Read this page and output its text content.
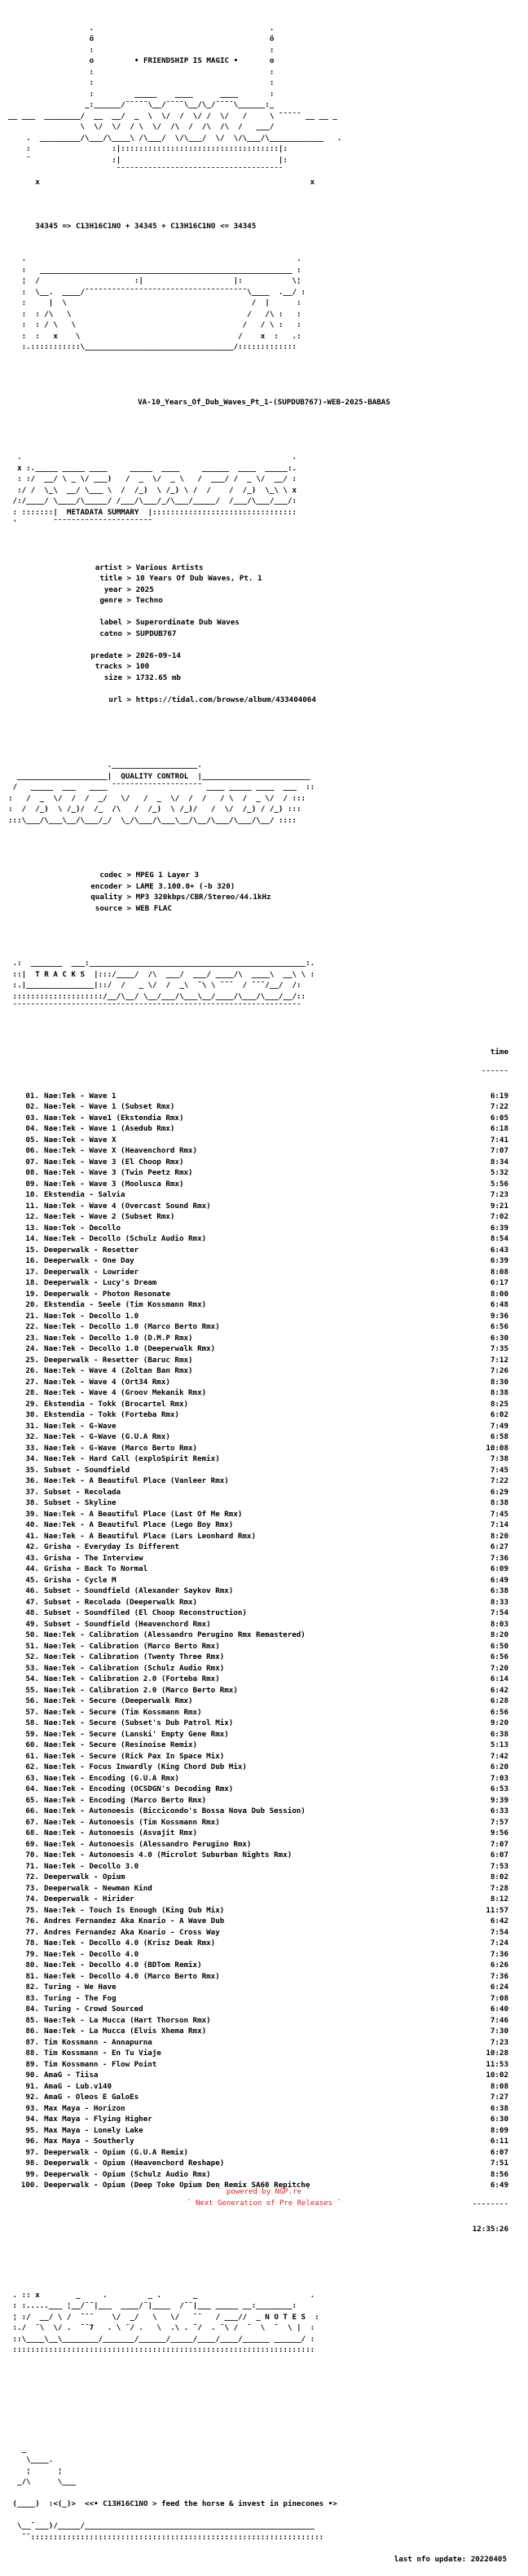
.                                       .
ö                                       ö
:                                       :
o         • FRIENDSHIP IS MAGIC •       o
:                                       :
:                                       :
:         _____    ____      ____       :
_:______/¯¯¯¯¯\__/¯¯¯¯\__/\_/¯¯¯¯\______:_
__ ___  ________/  __  __/  _  \  \/  /  \/ /  \/   /     \ ¯¯¯¯¯ __ __ _
\  \/  \/  / \  \/  /\  /  /\  /\  /   ___/
.  _________/\___/\____\ /\___/  \/\___/  \/  \/\___/\____________   .
:                  :|:::::::::::::::::::::::::::::::::::|:
¯                  :|                                   |:
¯¯¯¯¯¯¯¯¯¯¯¯¯¯¯¯¯¯¯¯¯¯¯¯¯¯¯¯¯¯¯¯¯¯¯¯¯
x                                                            x

34345 => C13H16C1NO + 34345 + C13H16C1NO <= 34345

.                                                            .
:   ________________________________________________________ :
¦  /                     :|                    |:           \¦
:  \__.  ____/¯¯¯¯¯¯¯¯¯¯¯¯¯¯¯¯¯¯¯¯¯¯¯¯¯¯¯¯¯¯¯¯¯¯¯¯\____  .__/ :
:     |  \                                         /  |      :
:  : /\   \                                       /   /\ :   :
:  : / \   \                                     /   / \ :   :
:  :   x    \                                   /    x  :   .:
:.:::::::::::\_________________________________/:::::::::::::

VA-10_Years_Of_Dub_Waves_Pt_1-(SUPDUB767)-WEB-2025-BABAS

.                                                            .
x :._____ _____ ____     _____  ____     ______  ____  _____:.
: :/  __/ \ _ \/ ___)   /  _  \/  _ \   /  ___/ /  _ \/  __/ :
:/ /  \_\  __/ \___ \  /  /_)  \ /_) \ /  /    /  /_)  \_\ \ x
/:/____/ \____/\_____/ /___/\___/_/\___/_____/  /___/\___/___/:
: :::::::|  METADATA SUMMARY  |::::::::::::::::::::::::::::::::
'        ¯¯¯¯¯¯¯¯¯¯¯¯¯¯¯¯¯¯¯¯¯¯

artist > Various Artists
title > 10 Years Of Dub Waves, Pt. 1
year > 2025
genre > Techno

label > Superordinate Dub Waves
catno > SUPDUB767

predate > 2026-09-14
tracks > 100
size > 1732.65 mb

url > https://tidal.com/browse/album/433404064

.___________________.
____________________|  QUALITY CONTROL  |________________________
/   _____  ___   ____ ¯¯¯¯¯¯¯¯¯¯¯¯¯¯¯¯¯¯¯¯ ____ _____ ____  ___  ::
:   /  _  \/  /  /  _/   \/   /  _  \/  /  /   / \  /  _ \/  / :::
:  /  /_)  \ /_)/  /_  /\   /  /_)  \ /_)/   /  \/  /_) / /_) :::
:::\___/\___\__/\___/_/  \_/\___/\___\__/\__/\___/\___/\__/ ::::

codec > MPEG 1 Layer 3
encoder > LAME 3.100.0+ (-b 320)
quality > MP3 320kbps/CBR/Stereo/44.1kHz
source > WEB FLAC

.:  _______  ___:________________________________________________:.
::|  T R A C K S  |:::/____/  /\  ___/  ___/ ____/\  ____\  __\ \ :
:.|_______________|::/  /   _ \/  /  _\  ¯\ \ ¯¯¯  / ¯¯¯/__/  /:
::::::::::::::::::::/__/\__/ \__/___/\___\__/____/\___/\___/__/::
¯¯¯¯¯¯¯¯¯¯¯¯¯¯¯¯¯¯¯¯¯¯¯¯¯¯¯¯¯¯¯¯¯¯¯¯¯¯¯¯¯¯¯¯¯¯¯¯¯¯¯¯¯¯¯¯¯¯¯¯¯¯¯¯

time

¯¯¯¯¯¯

01. Nae:Tek - Wave 1	6:19
02. Nae:Tek - Wave 1 (Subset Rmx)	7:22
03. Nae:Tek - Wave1 (Ekstendia Rmx)	6:05
04. Nae:Tek - Wave 1 (Asedub Rmx)	6:18
05. Nae:Tek - Wave X	7:41
06. Nae:Tek - Wave X (Heavenchord Rmx)	7:07
07. Nae:Tek - Wave 3 (El Choop Rmx)	8:34
08. Nae:Tek - Wave 3 (Twin Peetz Rmx)	5:32
09. Nae:Tek - Wave 3 (Moolusca Rmx)	5:56
10. Ekstendia - Salvia	7:23
11. Nae:Tek - Wave 4 (Overcast Sound Rmx)	9:21
12. Nae:Tek - Wave 2 (Subset Rmx)	7:02
13. Nae:Tek - Decollo	6:39
14. Nae:Tek - Decollo (Schulz Audio Rmx)	8:54
15. Deeperwalk - Resetter	6:43
16. Deeperwalk - One Day	6:39
17. Deeperwalk - Lowrider	8:08
18. Deeperwalk - Lucy's Dream	6:17
19. Deeperwalk - Photon Resonate	8:00
20. Ekstendia - Seele (Tim Kossmann Rmx)	6:48
21. Nae:Tek - Decollo 1.0	9:36
22. Nae:Tek - Decollo 1.0 (Marco Berto Rmx)	6:56
23. Nae:Tek - Decollo 1.0 (D.M.P Rmx)	6:30
24. Nae:Tek - Decollo 1.0 (Deeperwalk Rmx)	7:35
25. Deeperwalk - Resetter (Baruc Rmx)	7:12
26. Nae:Tek - Wave 4 (Zoltan Ban Rmx)	7:26
27. Nae:Tek - Wave 4 (Ort34 Rmx)	8:30
28. Nae:Tek - Wave 4 (Groov Mekanik Rmx)	8:38
29. Ekstendia - Tokk (Brocartel Rmx)	8:25
30. Ekstendia - Tokk (Forteba Rmx)	6:02
31. Nae:Tek - G-Wave	7:49
32. Nae:Tek - G-Wave (G.U.A Rmx)	6:58
33. Nae:Tek - G-Wave (Marco Berto Rmx)	10:08
34. Nae:Tek - Hard Call (exploSpirit Remix)	7:38
35. Subset - Soundfield	7:45
36. Nae:Tek - A Beautiful Place (Vanleer Rmx)	7:22
37. Subset - Recolada	6:29
38. Subset - Skyline	8:38
39. Nae:Tek - A Beautiful Place (Last Of Me Rmx)	7:45
40. Nae:Tek - A Beautiful Place (Lego Boy Rmx)	7:14
41. Nae:Tek - A Beautiful Place (Lars Leonhard Rmx)	8:20
42. Grisha - Everyday Is Different	6:27
43. Grisha - The Interview	7:36
44. Grisha - Back To Normal	6:09
45. Grisha - Cycle M	6:49
46. Subset - Soundfield (Alexander Saykov Rmx)	6:38
47. Subset - Recolada (Deeperwalk Rmx)	8:33
48. Subset - Soundfiled (El Choop Reconstruction)	7:54
49. Subset - Soundfield (Heavenchord Rmx)	8:03
50. Nae:Tek - Calibration (Alessandro Perugino Rmx Remastered)	8:20
51. Nae:Tek - Calibration (Marco Berto Rmx)	6:50
52. Nae:Tek - Calibration (Twenty Three Rmx)	6:56
53. Nae:Tek - Calibration (Schulz Audio Rmx)	7:20
54. Nae:Tek - Calibration 2.0 (Forteba Rmx)	6:14
55. Nae:Tek - Calibration 2.0 (Marco Berto Rmx)	6:42
56. Nae:Tek - Secure (Deeperwalk Rmx)	6:28
57. Nae:Tek - Secure (Tim Kossmann Rmx)	6:56
58. Nae:Tek - Secure (Subset's Dub Patrol Mix)	9:20
59. Nae:Tek - Secure (Lanski' Empty Gene Rmx)	6:38
60. Nae:Tek - Secure (Resinoise Remix)	5:13
61. Nae:Tek - Secure (Rick Pax In Space Mix)	7:42
62. Nae:Tek - Focus Inwardly (King Chord Dub Mix)	6:20
63. Nae:Tek - Encoding (G.U.A Rmx)	7:03
64. Nae:Tek - Encoding (OCSDGN's Decoding Rmx)	6:53
65. Nae:Tek - Encoding (Marco Berto Rmx)	9:39
66. Nae:Tek - Autonoesis (Biccicondo's Bossa Nova Dub Session)	6:33
67. Nae:Tek - Autonoesis (Tim Kossmann Rmx)	7:57
68. Nae:Tek - Autonoesis (Asvajit Rmx)	9:56
69. Nae:Tek - Autonoesis (Alessandro Perugino Rmx)	7:07
70. Nae:Tek - Autonoesis 4.0 (Microlot Suburban Nights Rmx)	6:07
71. Nae:Tek - Decollo 3.0	7:53
72. Deeperwalk - Opium	8:02
73. Deeperwalk - Newman Kind	7:28
74. Deeperwalk - Hirider	8:12
75. Nae:Tek - Touch Is Enough (King Dub Mix)	11:57
76. Andres Fernandez Aka Knario - A Wave Dub	6:42
77. Andres Fernandez Aka Knario - Cross Way	7:54
78. Nae:Tek - Decollo 4.0 (Krisz Deak Rmx)	7:24
79. Nae:Tek - Decollo 4.0	7:36
80. Nae:Tek - Decollo 4.0 (BDTom Remix)	6:26
81. Nae:Tek - Decollo 4.0 (Marco Berto Rmx)	7:36
82. Turing - We Have	6:24
83. Turing - The Fog	7:08
84. Turing - Crowd Sourced	6:40
85. Nae:Tek - La Mucca (Hart Thorson Rmx)	7:46
86. Nae:Tek - La Mucca (Elvis Xhema Rmx)	7:30
87. Tim Kossmann - Annapurna	7:23
88. Tim Kossmann - En Tu Viaje	10:28
89. Tim Kossmann - Flow Point	11:53
90. AmaG - Tiisa	10:02
91. AmaG - Lub.v140	8:08
92. AmaG - Oleos E GaloEs	7:27
93. Max Maya - Horizon	6:38
94. Max Maya - Flying Higher	6:30
95. Max Maya - Lonely Lake	8:09
96. Max Maya - Southerly	6:11
97. Deeperwalk - Opium (G.U.A Remix)	6:07
98. Deeperwalk - Opium (Heavenchord Reshape)	7:51
99. Deeperwalk - Opium (Schulz Audio Rmx)	8:56
100. Deeperwalk - Opium (Deep Toke Opium Den Remix SA60 Repitche	6:49

¯¯¯¯¯¯¯¯

12:35:26

. :: x        _     .         _ .       _                         .
: :.....___ ¦__/¯¯|___  ____/¯|____  /¯¯|___ _____ __:________:
¦ :/  __/ \ /  ¯¯¯    \/  _/   \   \/   ¯¯   / ___//  _ N O T E S  :
:./  ¯\  \/ .  ¯¯7   . \ ¯/ .   \  .\ . ¯/  . ¯\ /  ¯  \  ¯  \ |  :
::\____\__\________/_______/______/_____/____/____/______ ______/ :
:::::::::::::::::::::::::::::::::::::::::::::::::::::::::::::::::::

_
\____.
¦      ¦
_/\      \___

(____)  :<(_)>  <<• C13H16C1NO > feed the horse & invest in pinecones •>

\__¯___)/_____/___________________________________________________
¯¯:::::::::::::::::::::::::::::::::::::::::::::::::::::::::::::::::

last nfo update: 20220405

¨ powered by NGP.re ¨
¨ Next Generation of Pre Releases ¨
